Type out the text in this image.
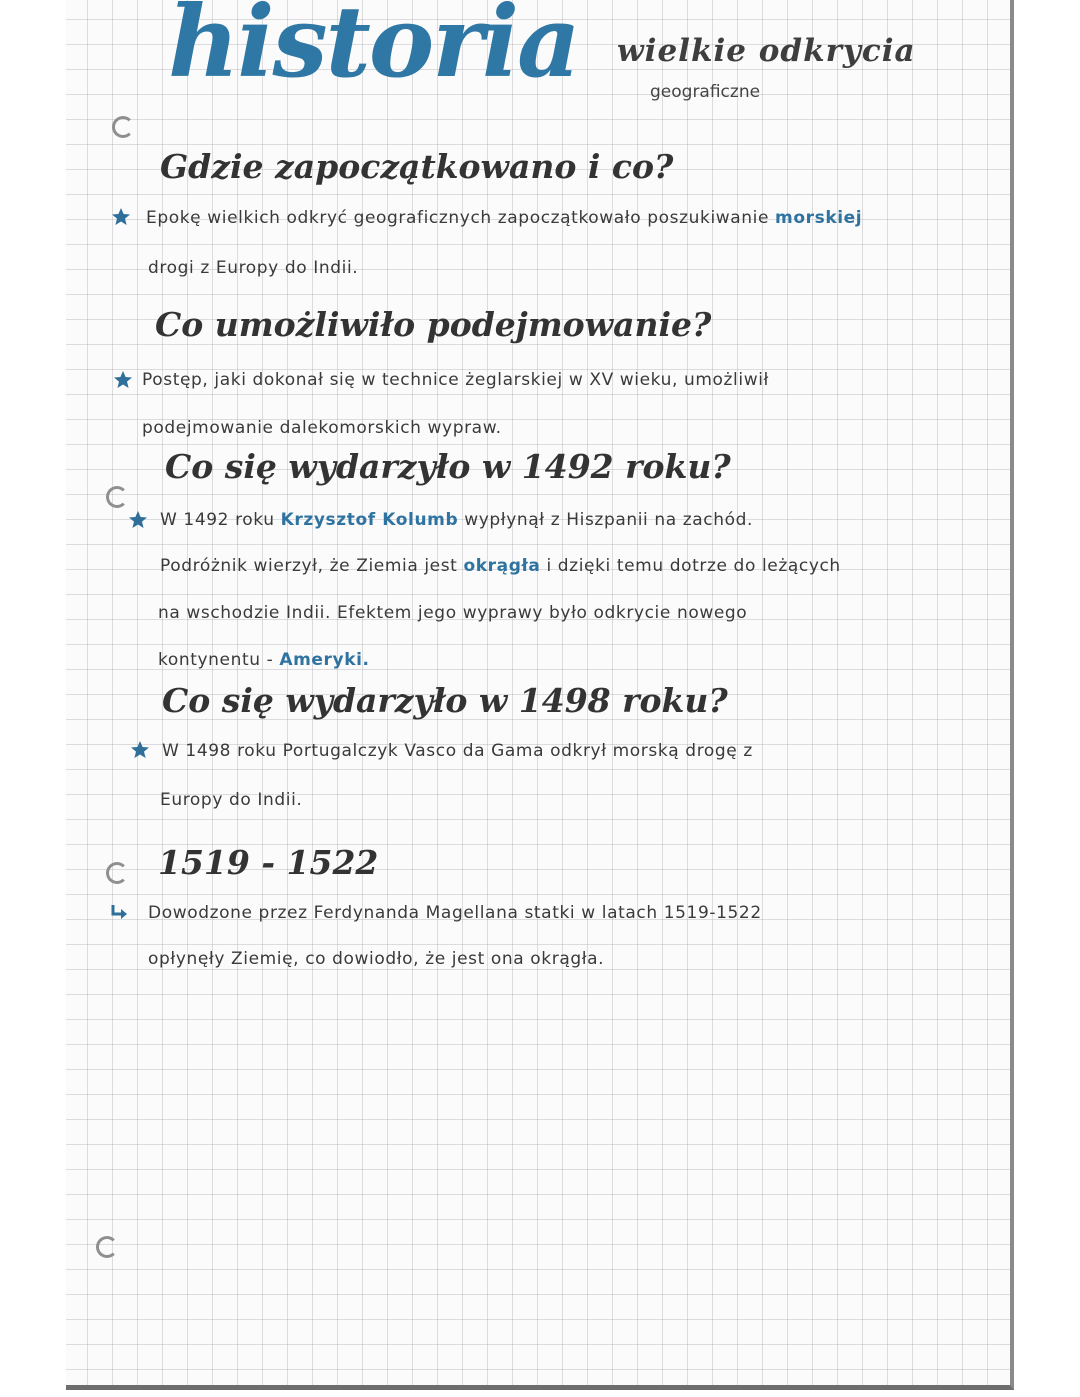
historia wielkie odkrycia
geograficzne
Gdzie zapoczątkowano i co?
Epokę wielkich odkryć geograficznych zapoczątkowało poszukiwanie morskiej
drogi z Europy do Indii.
Co umożliwiło podejmowanie?
Postęp, jaki dokonał się w technice żeglarskiej w XV wieku, umożliwił
podejmowanie dalekomorskich wypraw.
Co się wydarzyło w 1492 roku?
W 1492 roku Krzysztof Kolumb wypłynął z Hiszpanii na zachód.
Podróżnik wierzył, że Ziemia jest okrągła i dzięki temu dotrze do leżących
na wschodzie Indii. Efektem jego wyprawy było odkrycie nowego
kontynentu - Ameryki.
Co się wydarzyło w 1498 roku?
W 1498 roku Portugalczyk Vasco da Gama odkrył morską drogę z
Europy do Indii.
1519 - 1522
Dowodzone przez Ferdynanda Magellana statki w latach 1519-1522
opłynęły Ziemię, co dowiodło, że jest ona okrągła.
